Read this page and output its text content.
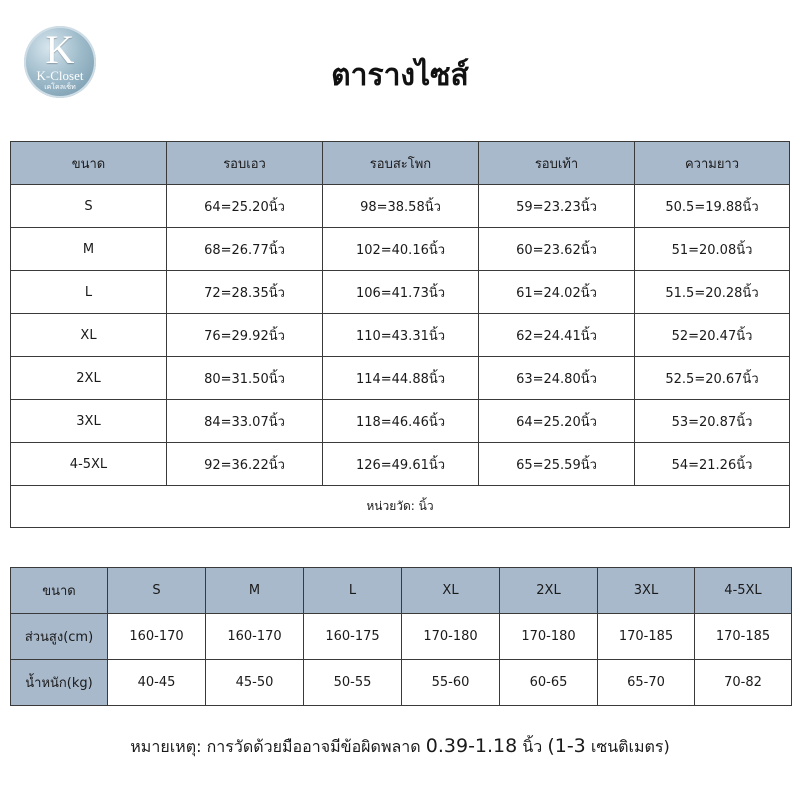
K
K-Closet
เคโคลเซ็ท	ตารางไซส์
ขนาด	รอบเอว	รอบสะโพก	รอบเท้า	ความยาว
S	64=25.20นิ้ว	98=38.58นิ้ว	59=23.23นิ้ว	50.5=19.88นิ้ว
M	68=26.77นิ้ว	102=40.16นิ้ว	60=23.62นิ้ว	51=20.08นิ้ว
L	72=28.35นิ้ว	106=41.73นิ้ว	61=24.02นิ้ว	51.5=20.28นิ้ว
XL	76=29.92นิ้ว	110=43.31นิ้ว	62=24.41นิ้ว	52=20.47นิ้ว
2XL	80=31.50นิ้ว	114=44.88นิ้ว	63=24.80นิ้ว	52.5=20.67นิ้ว
3XL	84=33.07นิ้ว	118=46.46นิ้ว	64=25.20นิ้ว	53=20.87นิ้ว
4-5XL	92=36.22นิ้ว	126=49.61นิ้ว	65=25.59นิ้ว	54=21.26นิ้ว
หน่วยวัด: นิ้ว				
ขนาด	S	M	L	XL	2XL	3XL	4-5XL
ส่วนสูง(cm)	160-170	160-170	160-175	170-180	170-180	170-185	170-185
น้ำหนัก(kg)	40-45	45-50	50-55	55-60	60-65	65-70	70-82
หมายเหตุ: การวัดด้วยมืออาจมีข้อผิดพลาด 0.39-1.18 นิ้ว (1-3 เซนติเมตร)
